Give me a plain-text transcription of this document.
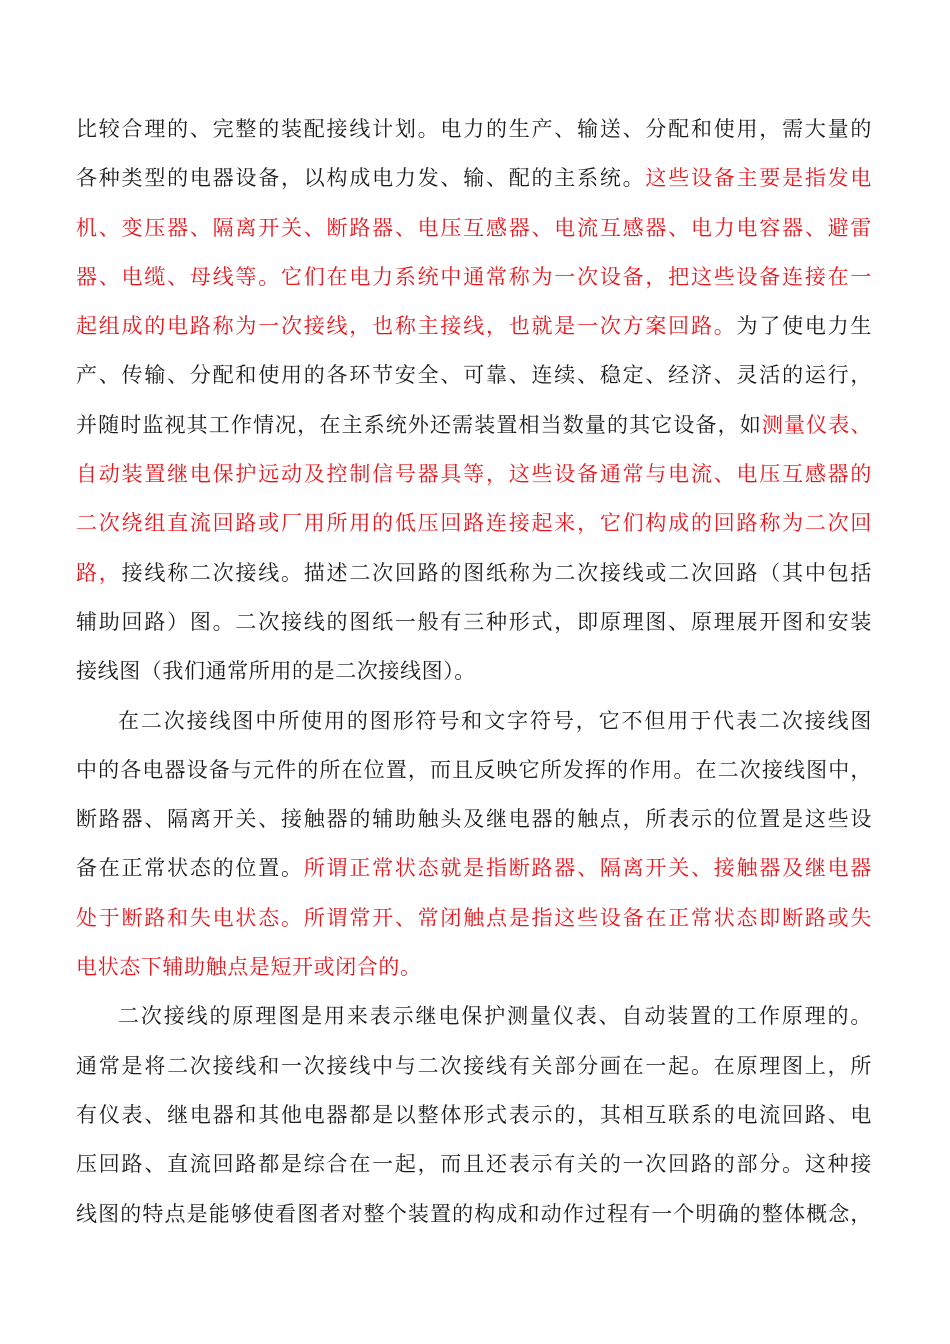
比较合理的、完整的装配接线计划。电力的生产、输送、分配和使用，需大量的
各种类型的电器设备，以构成电力发、输、配的主系统。这些设备主要是指发电
机、变压器、隔离开关、断路器、电压互感器、电流互感器、电力电容器、避雷
器、电缆、母线等。它们在电力系统中通常称为一次设备，把这些设备连接在一
起组成的电路称为一次接线，也称主接线，也就是一次方案回路。为了使电力生
产、传输、分配和使用的各环节安全、可靠、连续、稳定、经济、灵活的运行，
并随时监视其工作情况，在主系统外还需装置相当数量的其它设备，如测量仪表、
自动装置继电保护远动及控制信号器具等，这些设备通常与电流、电压互感器的
二次绕组直流回路或厂用所用的低压回路连接起来，它们构成的回路称为二次回
路，接线称二次接线。描述二次回路的图纸称为二次接线或二次回路（其中包括
辅助回路）图。二次接线的图纸一般有三种形式，即原理图、原理展开图和安装
接线图（我们通常所用的是二次接线图）。
在二次接线图中所使用的图形符号和文字符号，它不但用于代表二次接线图
中的各电器设备与元件的所在位置，而且反映它所发挥的作用。在二次接线图中，
断路器、隔离开关、接触器的辅助触头及继电器的触点，所表示的位置是这些设
备在正常状态的位置。所谓正常状态就是指断路器、隔离开关、接触器及继电器
处于断路和失电状态。所谓常开、常闭触点是指这些设备在正常状态即断路或失
电状态下辅助触点是短开或闭合的。
二次接线的原理图是用来表示继电保护测量仪表、自动装置的工作原理的。
通常是将二次接线和一次接线中与二次接线有关部分画在一起。在原理图上，所
有仪表、继电器和其他电器都是以整体形式表示的，其相互联系的电流回路、电
压回路、直流回路都是综合在一起，而且还表示有关的一次回路的部分。这种接
线图的特点是能够使看图者对整个装置的构成和动作过程有一个明确的整体概念，
